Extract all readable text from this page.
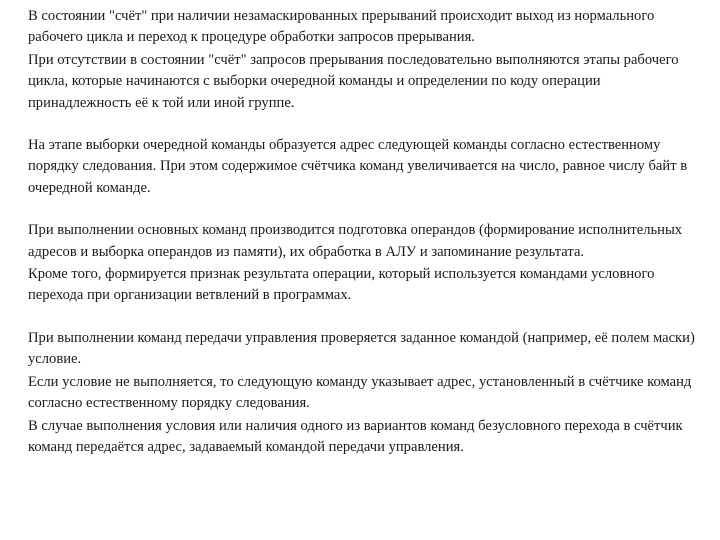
В состоянии "счёт" при наличии незамаскированных прерываний происходит выход из нормального рабочего цикла и переход к процедуре обработки запросов прерывания.

При отсутствии в состоянии "счёт" запросов прерывания последовательно выполняются этапы рабочего цикла, которые начинаются с выборки очередной команды и определении по коду операции принадлежность её к той или иной группе.

На этапе выборки очередной команды образуется адрес следующей команды согласно естественному порядку следования. При этом содержимое счётчика команд увеличивается на число, равное числу байт в очередной команде.

При выполнении основных команд производится подготовка операндов (формирование исполнительных адресов и выборка операндов из памяти), их обработка в АЛУ и запоминание результата.

Кроме того, формируется признак результата операции, который используется командами условного перехода при организации ветвлений в программах.

При выполнении команд передачи управления проверяется заданное командой (например, её полем маски) условие.

Если условие не выполняется, то следующую команду указывает адрес, установленный в счётчике команд согласно естественному порядку следования.

В случае выполнения условия или наличия одного из вариантов команд безусловного перехода в счётчик команд передаётся адрес, задаваемый командой передачи управления.
